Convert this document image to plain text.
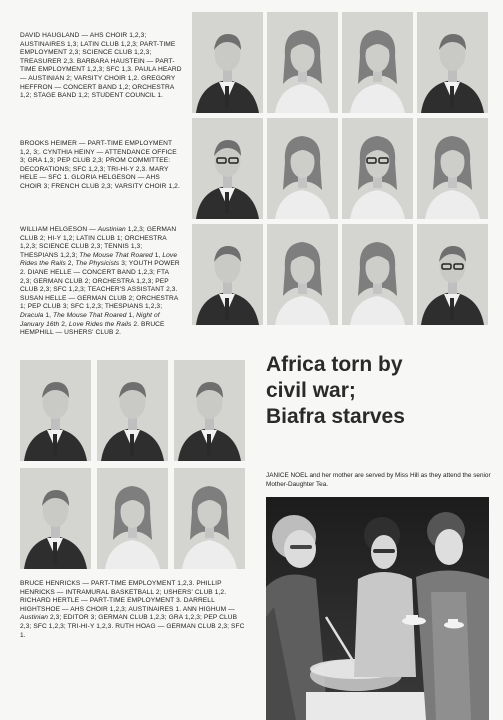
DAVID HAUGLAND — AHS CHOIR 1,2,3; AUSTINAIRES 1,3; LATIN CLUB 1,2,3; PART-TIME EMPLOYMENT 2,3; SCIENCE CLUB 1,2,3; TREASURER 2,3. BARBARA HAUSTEIN — PART-TIME EMPLOYMENT 1,2,3; SFC 1,3. PAULA HEARD — AUSTINIAN 2; VARSITY CHOIR 1,2. GREGORY HEFFRON — CONCERT BAND 1,2; ORCHESTRA 1,2; STAGE BAND 1,2; STUDENT COUNCIL 1.

BROOKS HEIMER — PART-TIME EMPLOYMENT 1,2, 3;. CYNTHIA HEINY — ATTENDANCE OFFICE 3; GRA 1,3; PEP CLUB 2,3; PROM COMMITTEE: DECORATIONS; SFC 1,2,3; TRI-HI-Y 2,3. MARY HELE — SFC 1. GLORIA HELGESON — AHS CHOIR 3; FRENCH CLUB 2,3; VARSITY CHOIR 1,2.

WILLIAM HELGESON — Austinian 1,2,3; GERMAN CLUB 2; HI-Y 1,2; LATIN CLUB 1; ORCHESTRA 1,2,3; SCIENCE CLUB 2,3; TENNIS 1,3; THESPIANS 1,2,3; The Mouse That Roared 1, Love Rides the Rails 2, The Physicists 3; YOUTH POWER 2. DIANE HELLE — CONCERT BAND 1,2,3; FTA 2,3; GERMAN CLUB 2; ORCHESTRA 1,2,3; PEP CLUB 2,3; SFC 1,2,3; TEACHER'S ASSISTANT 2,3. SUSAN HELLE — GERMAN CLUB 2; ORCHESTRA 1; PEP CLUB 3; SFC 1,2,3; THESPIANS 1,2,3; Dracula 1, The Mouse That Roared 1, Night of January 16th 2, Love Rides the Rails 2. BRUCE HEMPHILL — USHERS' CLUB 2.

BRUCE HENRICKS — PART-TIME EMPLOYMENT 1,2,3. PHILLIP HENRICKS — INTRAMURAL BASKETBALL 2; USHERS' CLUB 1,2. RICHARD HERTLE — PART-TIME EMPLOYMENT 3. DARRELL HIGHTSHOE — AHS CHOIR 1,2,3; AUSTINAIRES 1. ANN HIGHUM — Austinian 2,3; EDITOR 3; GERMAN CLUB 1,2,3; GRA 1,2,3; PEP CLUB 2,3; SFC 1,2,3; TRI-HI-Y 1,2,3. RUTH HOAG — GERMAN CLUB 2,3; SFC 1.

Africa torn by
civil war;
Biafra starves

JANICE NOEL and her mother are served by Miss Hill as they attend the senior Mother-Daughter Tea.
